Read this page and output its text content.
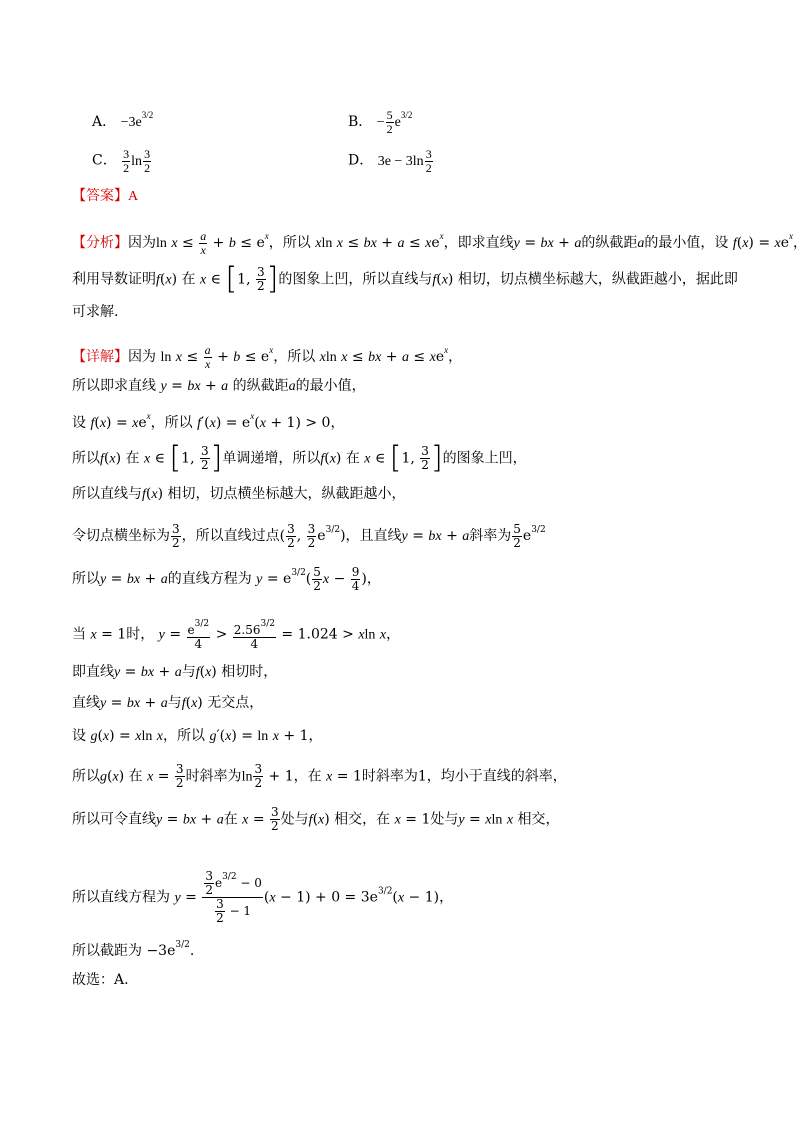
A． $-3e^{3/2}$	B． − $\frac{5}{2} e^{3/2}$
C． $\frac{3}{2}$ $\ln \frac{3}{2}$	D． $3e - 3\ln \frac{3}{2}$
【答案】A
【分析】因为$\ln x \le \frac{a}{x} + b \le e^x$，所以 xln x ≤ bx + $a \le xe^x$，即求直线y = bx + a的纵截距a的最小值，设 $f(x) = xe^x$，
利用导数证明f(x) 在 x ∈ [1, $\frac{3}{2}$ ]的图象上凹，所以直线与f(x) 相切，切点横坐标越大，纵截距越小，据此即
可求解.
【详解】因为 $\ln x \le \frac{a}{x} + b \le e^x$，所以 xln x ≤ bx + $a \le xe^x$，
所以即求直线 y = bx + a 的纵截距a的最小值，
设 $f(x) = xe^x$，所以 $f'(x) = e^x(x + 1) > 0$，
所以f(x) 在 x ∈ [1, $\frac{3}{2}$ ]单调递增，所以f(x) 在 x ∈ [1, $\frac{3}{2}$ ]的图象上凹，
所以直线与f(x) 相切，切点横坐标越大，纵截距越小，
令切点横坐标为 $\frac{3}{2}$ ，所以直线过点( $\frac{3}{2}$ , $\frac{3}{2} e^{3/2}$)，且直线y = bx + a斜率为 $\frac{5}{2} e^{3/2}$
所以y = bx + a的直线方程为 $y = e^{3/2}( \frac{5}{2}$ $x - \frac{9}{4}$ )，
当 x = 1时， $y = \frac{e^{3/2}}{4} > \frac{2.56^{3/2}}{4} = 1.024 > xln$ x，
即直线y = bx + a与f(x) 相切时，
直线y = bx + a与f(x) 无交点，
设 g(x) = xln x，所以 g′(x) = ln x + 1，
所以g(x) 在 $x = \frac{3}{2}$ 时斜率为$\ln \frac{3}{2} + 1$，在 x = 1时斜率为1，均小于直线的斜率，
所以可令直线y = bx + a在 $x = \frac{3}{2}$ 处与f(x) 相交，在 x = 1处与y = xln x 相交，
所以直线方程为 $y = \frac{\frac{3}{2} e^{3/2} - 0}{\frac{3}{2} - 1} (x - 1) + 0 = 3e^{3/2}(x - 1)$，
所以截距为 $-3e^{3/2}$.
故选：A.
